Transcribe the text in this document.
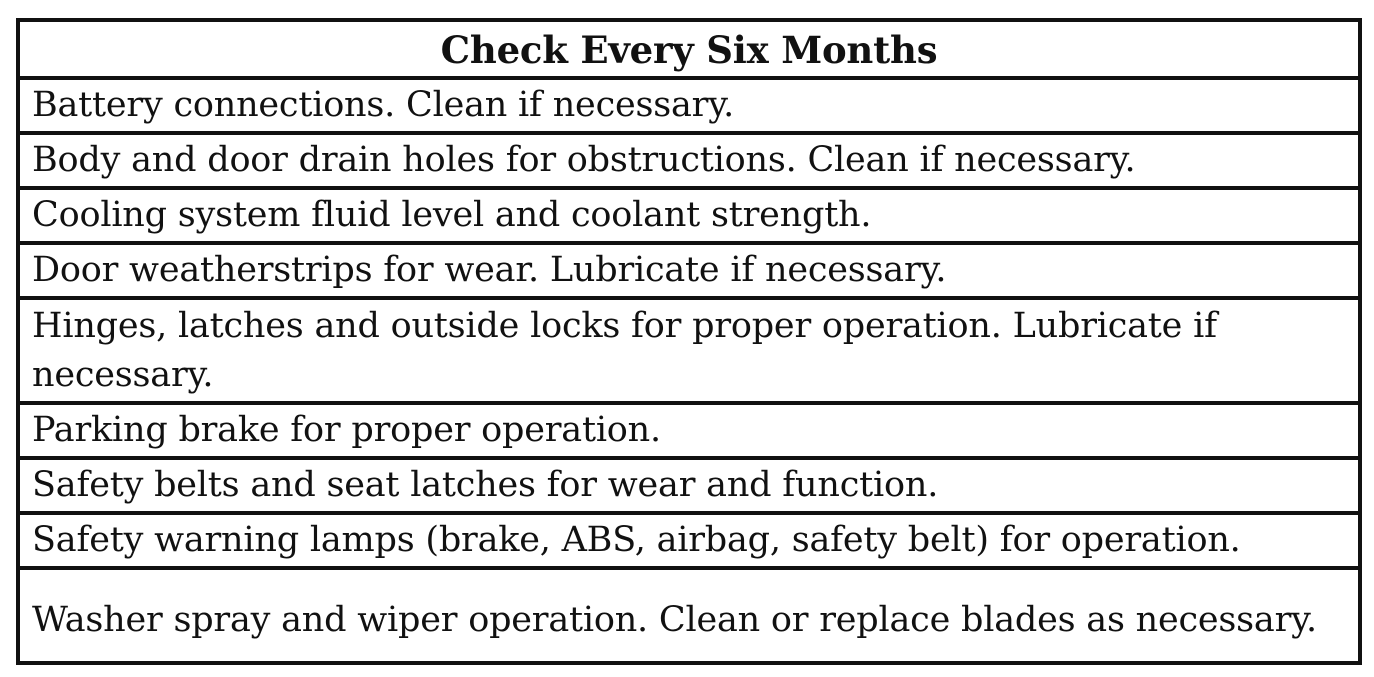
Check Every Six Months
Battery connections. Clean if necessary.
Body and door drain holes for obstructions. Clean if necessary.
Cooling system fluid level and coolant strength.
Door weatherstrips for wear. Lubricate if necessary.
Hinges, latches and outside locks for proper operation. Lubricate if necessary.
Parking brake for proper operation.
Safety belts and seat latches for wear and function.
Safety warning lamps (brake, ABS, airbag, safety belt) for operation.
Washer spray and wiper operation. Clean or replace blades as necessary.
